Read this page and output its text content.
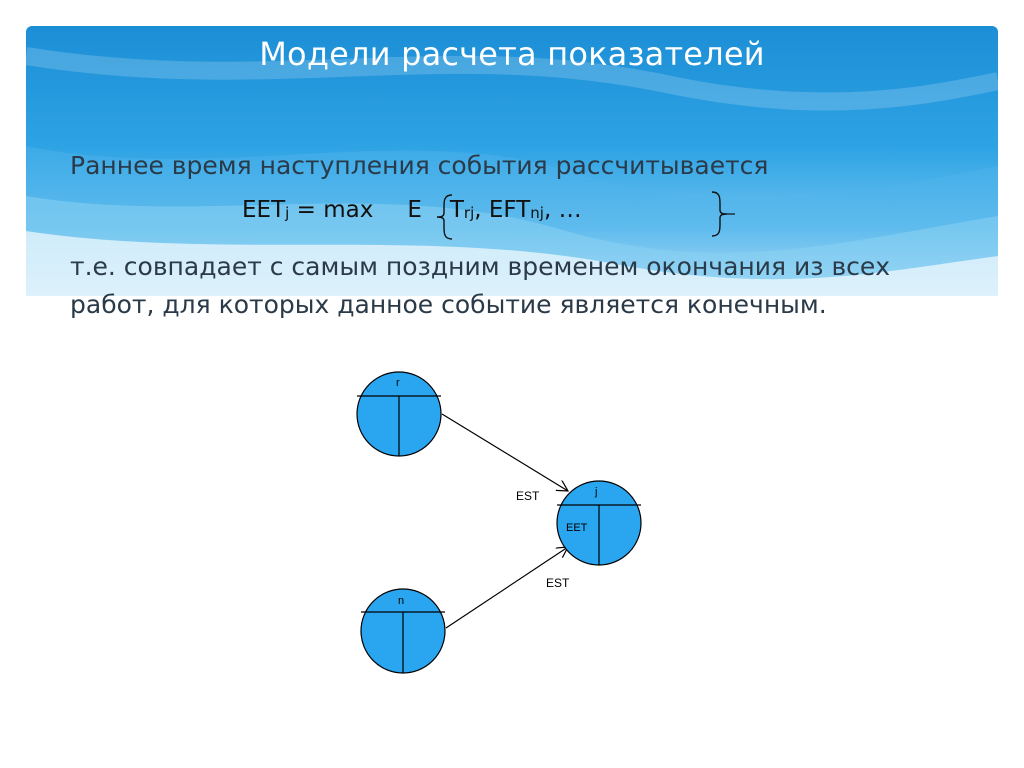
Модели расчета показателей
Раннее время наступления события рассчитывается
$EET_j = \max E$ $T_{rj}$, $EFT_{nj}$, …
т.е. совпадает с самым поздним временем окончания из всех работ, для которых данное событие является конечным.
EST
EST
r
j
EET
n
